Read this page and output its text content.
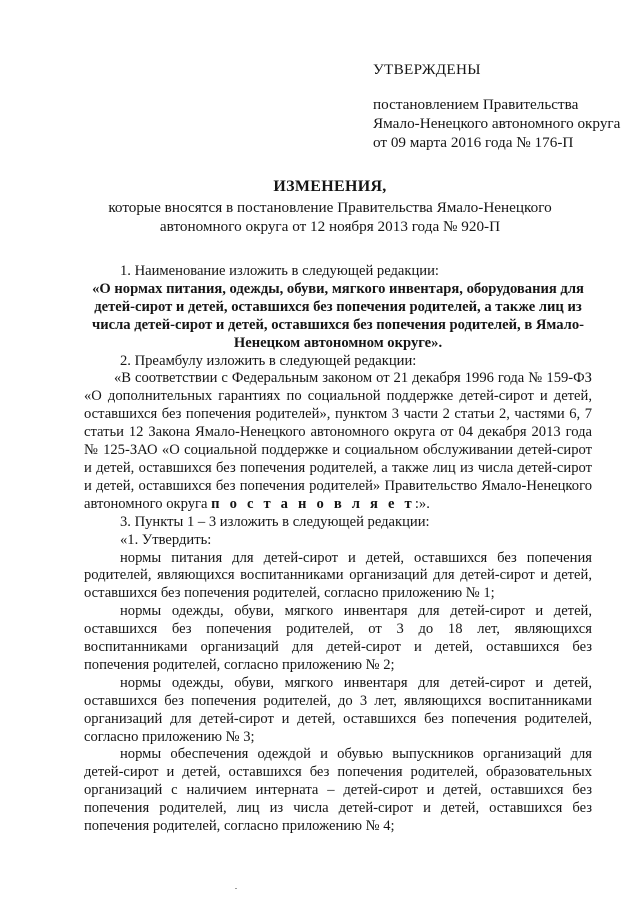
УТВЕРЖДЕНЫ
постановлением Правительства
Ямало-Ненецкого автономного округа
от 09 марта 2016 года № 176-П
ИЗМЕНЕНИЯ,
которые вносятся в постановление Правительства Ямало-Ненецкого
автономного округа от 12 ноября 2013 года № 920-П

1. Наименование изложить в следующей редакции:

«О нормах питания, одежды, обуви, мягкого инвентаря, оборудования для детей-сирот и детей, оставшихся без попечения родителей, а также лиц из числа детей-сирот и детей, оставшихся без попечения родителей, в Ямало-Ненецком автономном округе».

2. Преамбулу изложить в следующей редакции:

«В соответствии с Федеральным законом от 21 декабря 1996 года № 159-ФЗ «О дополнительных гарантиях по социальной поддержке детей-сирот и детей, оставшихся без попечения родителей», пунктом 3 части 2 статьи 2, частями 6, 7 статьи 12 Закона Ямало-Ненецкого автономного округа от 04 декабря 2013 года № 125-ЗАО «О социальной поддержке и социальном обслуживании детей-сирот и детей, оставшихся без попечения родителей, а также лиц из числа детей-сирот и детей, оставшихся без попечения родителей» Правительство Ямало-Ненецкого автономного округа п о с т а н о в л я е т:».

3. Пункты 1 – 3 изложить в следующей редакции:

«1. Утвердить:

нормы питания для детей-сирот и детей, оставшихся без попечения родителей, являющихся воспитанниками организаций для детей-сирот и детей, оставшихся без попечения родителей, согласно приложению № 1;

нормы одежды, обуви, мягкого инвентаря для детей-сирот и детей, оставшихся без попечения родителей, от 3 до 18 лет, являющихся воспитанниками организаций для детей-сирот и детей, оставшихся без попечения родителей, согласно приложению № 2;

нормы одежды, обуви, мягкого инвентаря для детей-сирот и детей, оставшихся без попечения родителей, до 3 лет, являющихся воспитанниками организаций для детей-сирот и детей, оставшихся без попечения родителей, согласно приложению № 3;

нормы обеспечения одеждой и обувью выпускников организаций для детей-сирот и детей, оставшихся без попечения родителей, образовательных организаций с наличием интерната – детей-сирот и детей, оставшихся без попечения родителей, лиц из числа детей-сирот и детей, оставшихся без попечения родителей, согласно приложению № 4;
